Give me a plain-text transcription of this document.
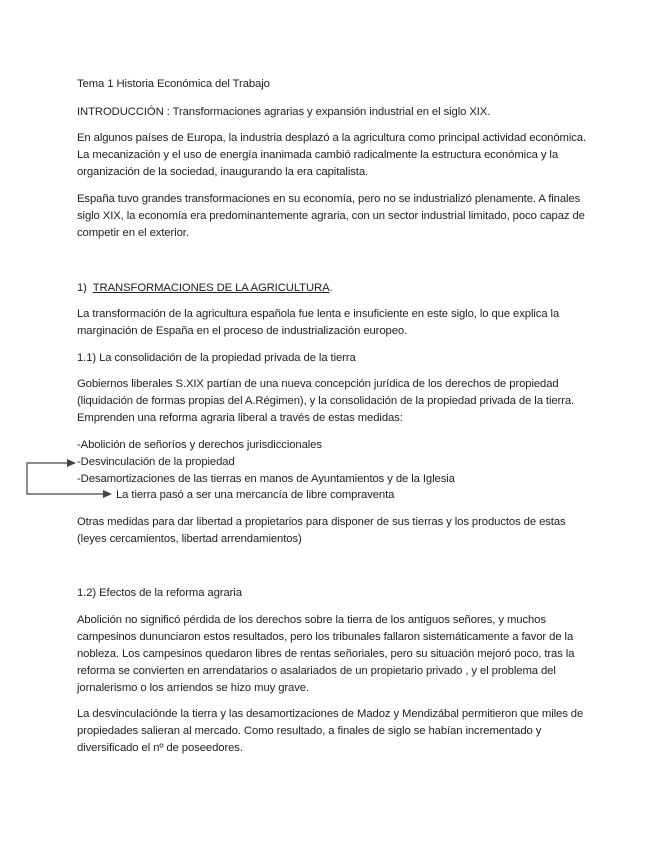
Tema 1 Historia Económica del Trabajo

INTRODUCCIÓN : Transformaciones agrarias y expansión industrial en el siglo XIX.

En algunos países de Europa, la industria desplazó a la agricultura como principal actividad económica. La mecanización y el uso de energía inanimada cambió radicalmente la estructura económica y la organización de la sociedad, inaugurando la era capitalista.

España tuvo grandes transformaciones en su economía, pero no se industrializó plenamente. A finales siglo XIX, la economía era predominantemente agraria, con un sector industrial limitado, poco capaz de competir en el exterior.

1) TRANSFORMACIONES DE LA AGRICULTURA.

La transformación de la agricultura española fue lenta e insuficiente en este siglo, lo que explica la marginación de España en el proceso de industrialización europeo.

1.1) La consolidación de la propiedad privada de la tierra

Gobiernos liberales S.XIX partían de una nueva concepción jurídica de los derechos de propiedad (liquidación de formas propias del A.Régimen), y la consolidación de la propiedad privada de la tierra. Emprenden una reforma agraria liberal a través de estas medidas:

-Abolición de señoríos y derechos jurisdiccionales

-Desvinculación de la propiedad

-Desamortizaciones de las tierras en manos de Ayuntamientos y de la Iglesia

La tierra pasó a ser una mercancía de libre compraventa

Otras medidas para dar libertad a propietarios para disponer de sus tierras y los productos de estas (leyes cercamientos, libertad arrendamientos)

1.2) Efectos de la reforma agraria

Abolición no significó pérdida de los derechos sobre la tierra de los antiguos señores, y muchos campesinos dununciaron estos resultados, pero los tribunales fallaron sistemáticamente a favor de la nobleza. Los campesinos quedaron libres de rentas señoriales, pero su situación mejoró poco, tras la reforma se convierten en arrendatarios o asalariados de un propietario privado , y el problema del jornalerismo o los arriendos se hizo muy grave.

La desvinculaciónde la tierra y las desamortizaciones de Madoz y Mendizábal permitieron que miles de propiedades salieran al mercado. Como resultado, a finales de siglo se habían incrementado y diversificado el nº de poseedores.
